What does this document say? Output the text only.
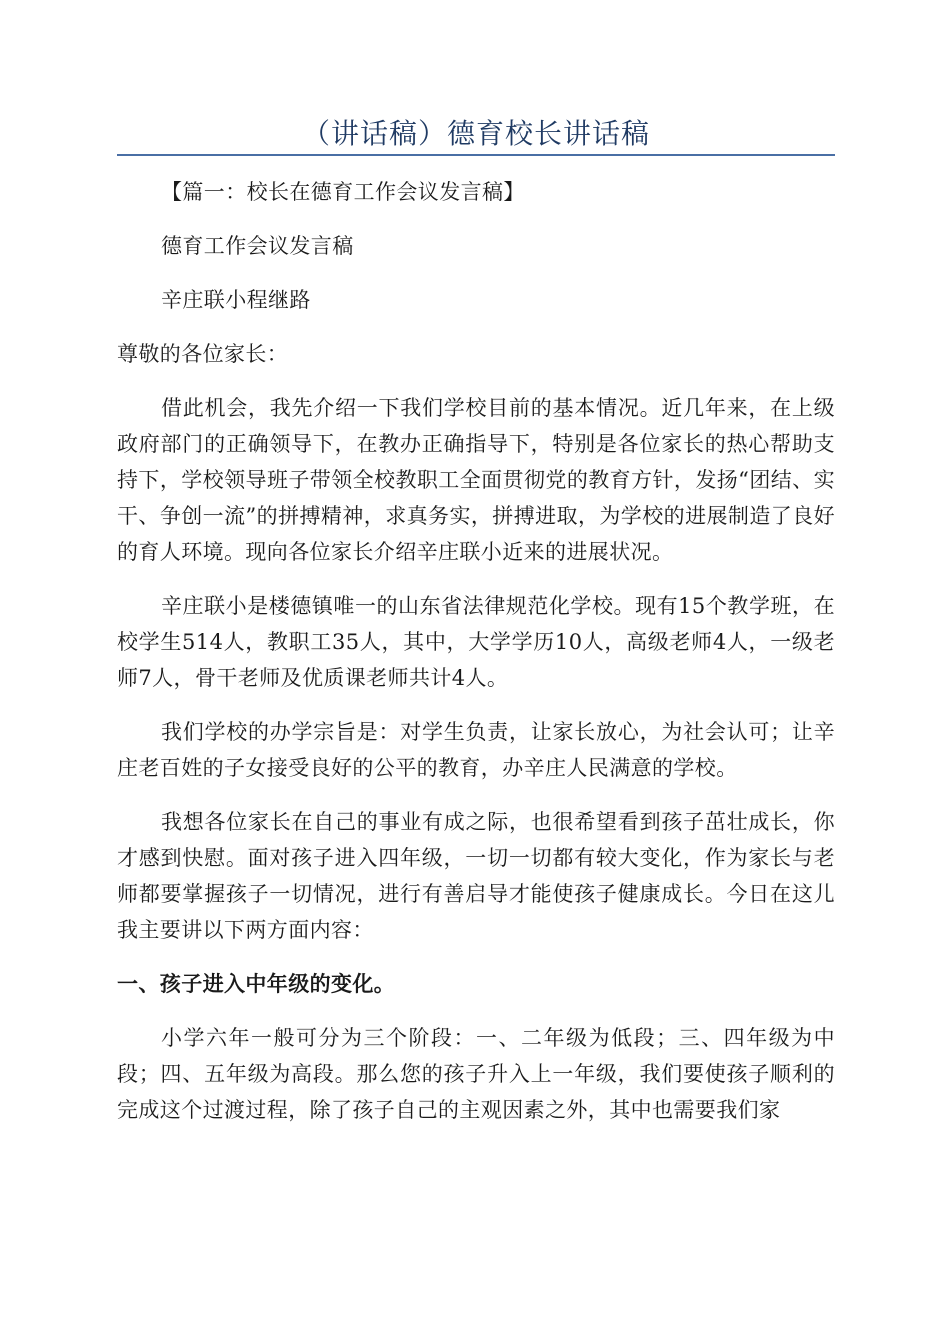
（讲话稿）德育校长讲话稿

【篇一：校长在德育工作会议发言稿】

德育工作会议发言稿

辛庄联小程继路

尊敬的各位家长：

借此机会，我先介绍一下我们学校目前的基本情况。近几年来，在上级政府部门的正确领导下，在教办正确指导下，特别是各位家长的热心帮助支持下，学校领导班子带领全校教职工全面贯彻党的教育方针，发扬“团结、实干、争创一流”的拼搏精神，求真务实，拼搏进取，为学校的进展制造了良好的育人环境。现向各位家长介绍辛庄联小近来的进展状况。

辛庄联小是楼德镇唯一的山东省法律规范化学校。现有15个教学班，在校学生514人，教职工35人，其中，大学学历10人，高级老师4人，一级老师7人，骨干老师及优质课老师共计4人。

我们学校的办学宗旨是：对学生负责，让家长放心，为社会认可；让辛庄老百姓的子女接受良好的公平的教育，办辛庄人民满意的学校。

我想各位家长在自己的事业有成之际，也很希望看到孩子茁壮成长，你才感到快慰。面对孩子进入四年级，一切一切都有较大变化，作为家长与老师都要掌握孩子一切情况，进行有善启导才能使孩子健康成长。今日在这儿我主要讲以下两方面内容：

一、孩子进入中年级的变化。

小学六年一般可分为三个阶段：一、二年级为低段；三、四年级为中段；四、五年级为高段。那么您的孩子升入上一年级，我们要使孩子顺利的完成这个过渡过程，除了孩子自己的主观因素之外，其中也需要我们家
